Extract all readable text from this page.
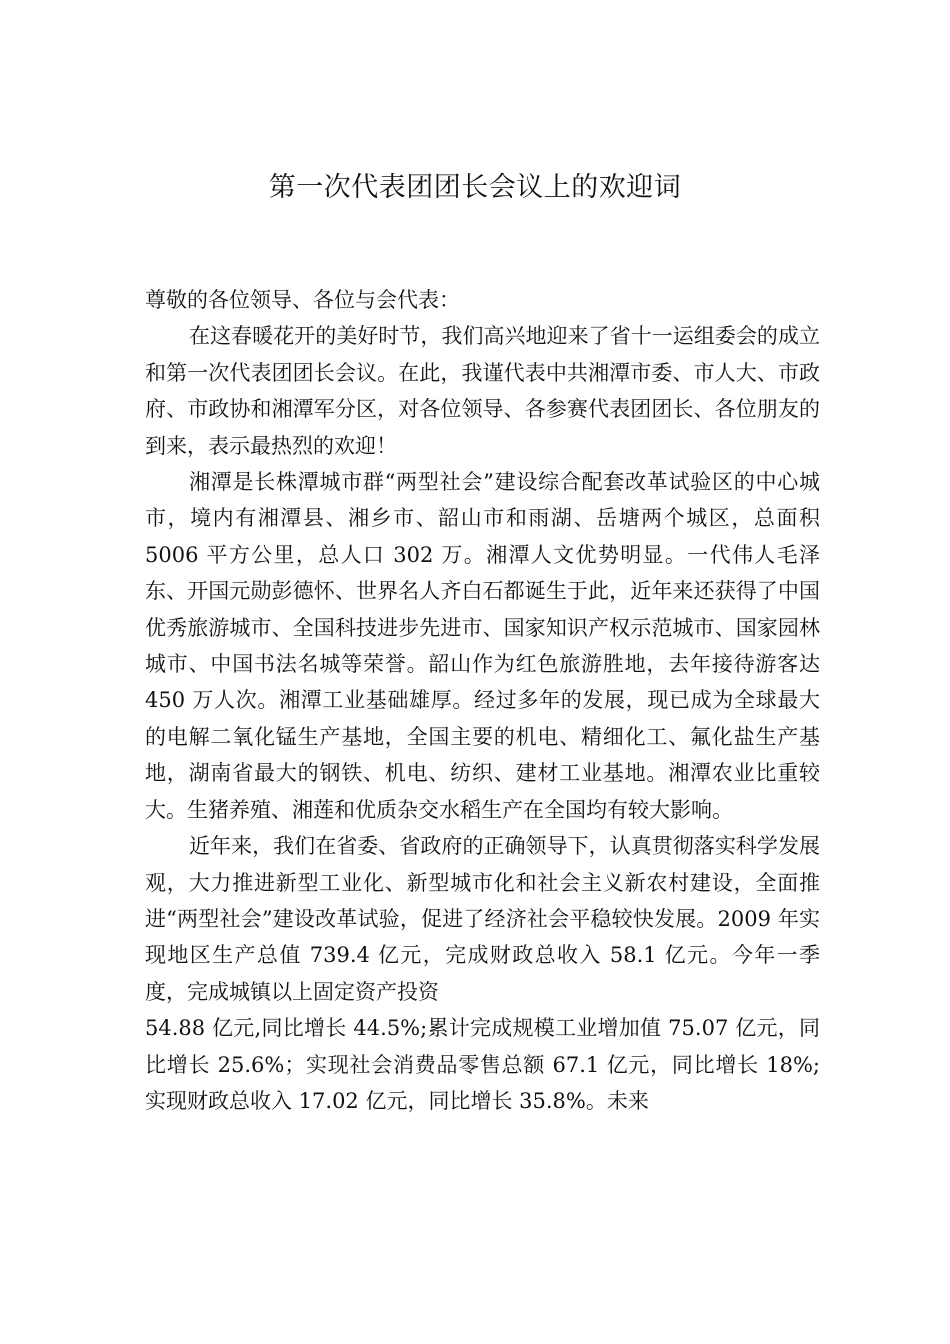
第一次代表团团长会议上的欢迎词

尊敬的各位领导、各位与会代表：

在这春暖花开的美好时节，我们高兴地迎来了省十一运组委会的成立和第一次代表团团长会议。在此，我谨代表中共湘潭市委、市人大、市政府、市政协和湘潭军分区，对各位领导、各参赛代表团团长、各位朋友的到来，表示最热烈的欢迎！

湘潭是长株潭城市群“两型社会”建设综合配套改革试验区的中心城市，境内有湘潭县、湘乡市、韶山市和雨湖、岳塘两个城区，总面积 5006 平方公里，总人口 302 万。湘潭人文优势明显。一代伟人毛泽东、开国元勋彭德怀、世界名人齐白石都诞生于此，近年来还获得了中国优秀旅游城市、全国科技进步先进市、国家知识产权示范城市、国家园林城市、中国书法名城等荣誉。韶山作为红色旅游胜地，去年接待游客达 450 万人次。湘潭工业基础雄厚。经过多年的发展，现已成为全球最大的电解二氧化锰生产基地，全国主要的机电、精细化工、氟化盐生产基地，湖南省最大的钢铁、机电、纺织、建材工业基地。湘潭农业比重较大。生猪养殖、湘莲和优质杂交水稻生产在全国均有较大影响。

近年来，我们在省委、省政府的正确领导下，认真贯彻落实科学发展观，大力推进新型工业化、新型城市化和社会主义新农村建设，全面推进“两型社会”建设改革试验，促进了经济社会平稳较快发展。2009 年实现地区生产总值 739.4 亿元，完成财政总收入 58.1 亿元。今年一季度，完成城镇以上固定资产投资

54.88 亿元,同比增长 44.5%;累计完成规模工业增加值 75.07 亿元，同比增长 25.6%；实现社会消费品零售总额 67.1 亿元，同比增长 18%;实现财政总收入 17.02 亿元，同比增长 35.8%。未来
